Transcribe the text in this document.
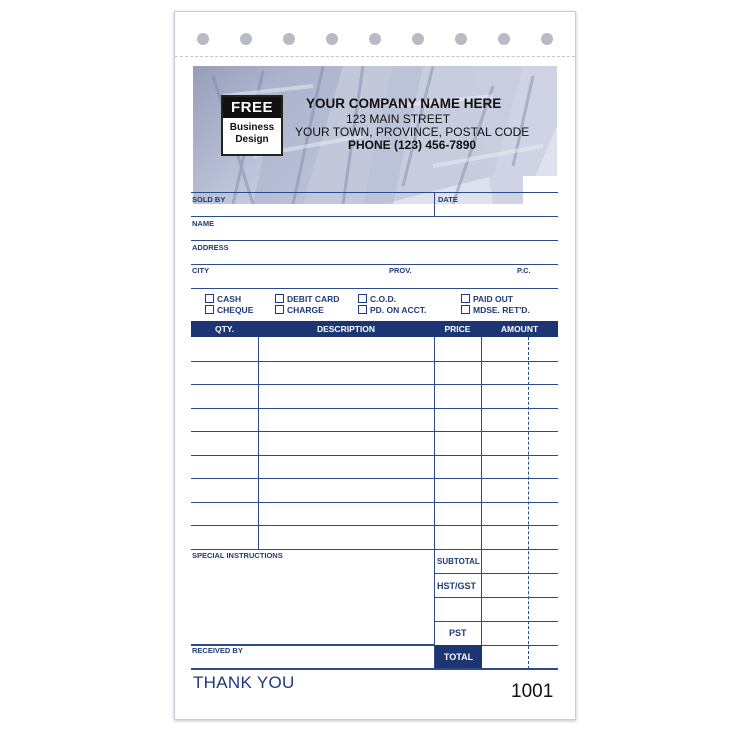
FREE
Business
Design
YOUR COMPANY NAME HERE
123 MAIN STREET
YOUR TOWN, PROVINCE, POSTAL CODE
PHONE (123) 456-7890
SOLD BY	DATE
NAME
ADDRESS
CITY	PROV.	P.C.
CASH
CHEQUE
DEBIT CARD
CHARGE
C.O.D.
PD. ON ACCT.
PAID OUT
MDSE. RET'D.
QTY.	DESCRIPTION	PRICE	AMOUNT
SPECIAL INSTRUCTIONS
RECEIVED BY
SUBTOTAL
HST/GST
PST
TOTAL
THANK YOU	1001
